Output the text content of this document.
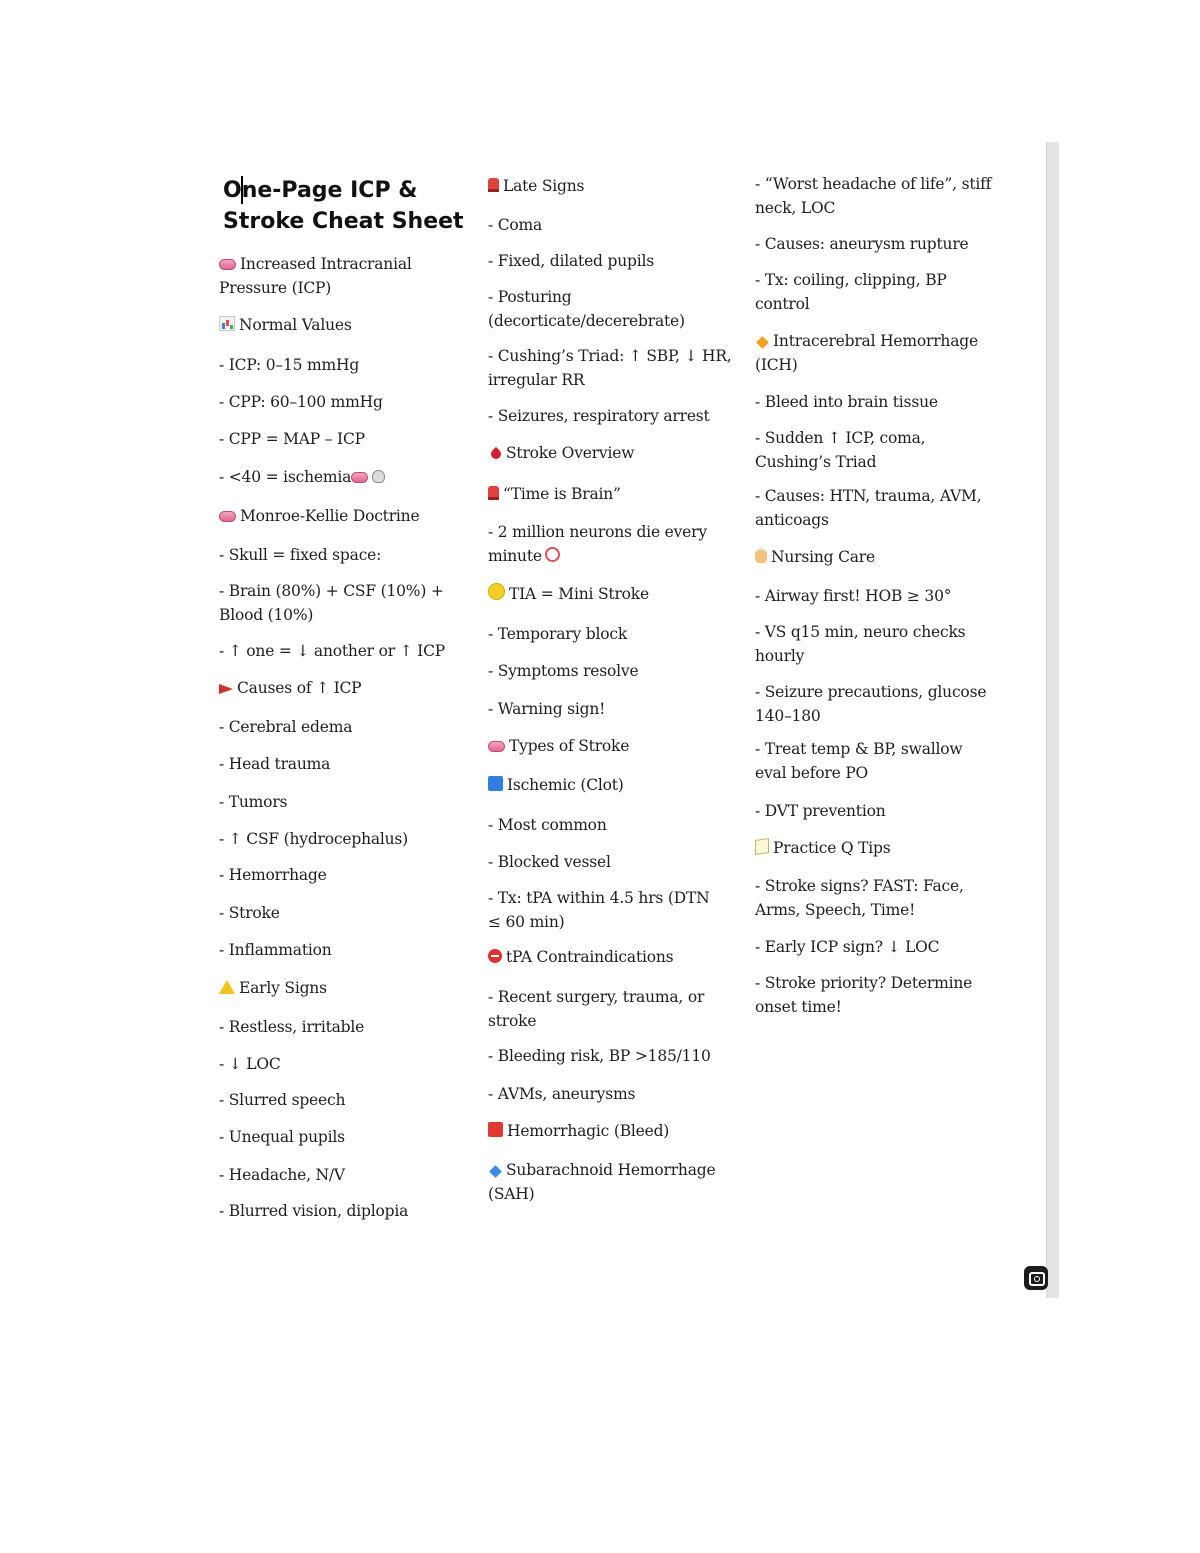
One-Page ICP &
Stroke Cheat Sheet
Increased Intracranial
Pressure (ICP)
Normal Values
- ICP: 0–15 mmHg
- CPP: 60–100 mmHg
- CPP = MAP – ICP
- <40 = ischemia
Monroe-Kellie Doctrine
- Skull = fixed space:
- Brain (80%) + CSF (10%) +
Blood (10%)
- ↑ one = ↓ another or ↑ ICP
Causes of ↑ ICP
- Cerebral edema
- Head trauma
- Tumors
- ↑ CSF (hydrocephalus)
- Hemorrhage
- Stroke
- Inflammation
Early Signs
- Restless, irritable
- ↓ LOC
- Slurred speech
- Unequal pupils
- Headache, N/V
- Blurred vision, diplopia
Late Signs
- Coma
- Fixed, dilated pupils
- Posturing
(decorticate/decerebrate)
- Cushing’s Triad: ↑ SBP, ↓ HR,
irregular RR
- Seizures, respiratory arrest
Stroke Overview
“Time is Brain”
- 2 million neurons die every
minute
TIA = Mini Stroke
- Temporary block
- Symptoms resolve
- Warning sign!
Types of Stroke
Ischemic (Clot)
- Most common
- Blocked vessel
- Tx: tPA within 4.5 hrs (DTN
≤ 60 min)
tPA Contraindications
- Recent surgery, trauma, or
stroke
- Bleeding risk, BP >185/110
- AVMs, aneurysms
Hemorrhagic (Bleed)
Subarachnoid Hemorrhage
(SAH)
- “Worst headache of life”, stiff
neck, LOC
- Causes: aneurysm rupture
- Tx: coiling, clipping, BP
control
Intracerebral Hemorrhage
(ICH)
- Bleed into brain tissue
- Sudden ↑ ICP, coma,
Cushing’s Triad
- Causes: HTN, trauma, AVM,
anticoags
Nursing Care
- Airway first! HOB ≥ 30°
- VS q15 min, neuro checks
hourly
- Seizure precautions, glucose
140–180
- Treat temp & BP, swallow
eval before PO
- DVT prevention
Practice Q Tips
- Stroke signs? FAST: Face,
Arms, Speech, Time!
- Early ICP sign? ↓ LOC
- Stroke priority? Determine
onset time!
